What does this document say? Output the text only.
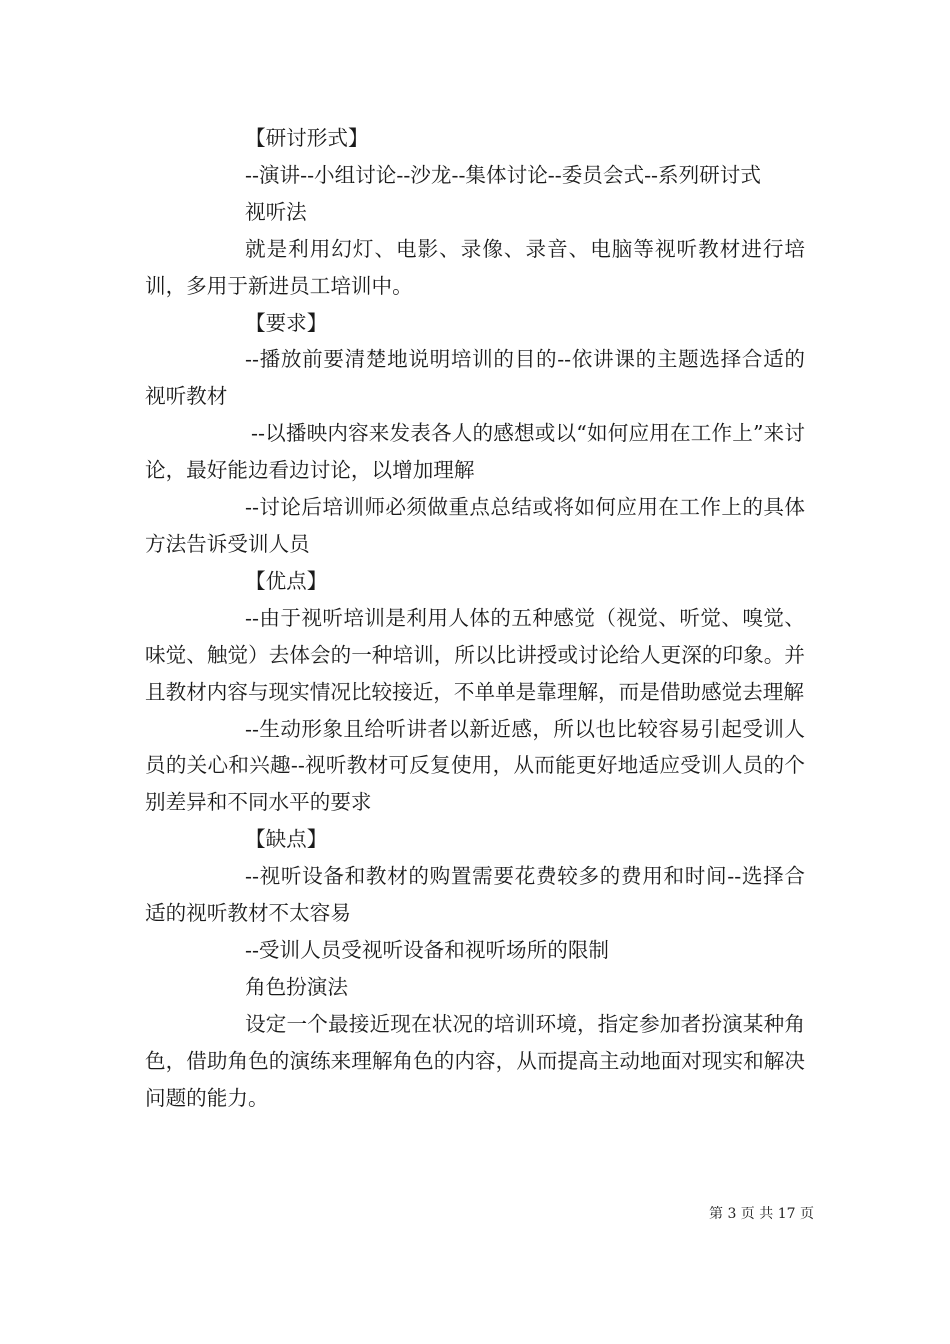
【研讨形式】

--演讲--小组讨论--沙龙--集体讨论--委员会式--系列研讨式

视听法

就是利用幻灯、电影、录像、录音、电脑等视听教材进行培训，多用于新进员工培训中。

【要求】

--播放前要清楚地说明培训的目的--依讲课的主题选择合适的视听教材

--以播映内容来发表各人的感想或以“如何应用在工作上”来讨论，最好能边看边讨论，以增加理解

--讨论后培训师必须做重点总结或将如何应用在工作上的具体方法告诉受训人员

【优点】

--由于视听培训是利用人体的五种感觉（视觉、听觉、嗅觉、味觉、触觉）去体会的一种培训，所以比讲授或讨论给人更深的印象。并且教材内容与现实情况比较接近，不单单是靠理解，而是借助感觉去理解

--生动形象且给听讲者以新近感，所以也比较容易引起受训人员的关心和兴趣--视听教材可反复使用，从而能更好地适应受训人员的个别差异和不同水平的要求

【缺点】

--视听设备和教材的购置需要花费较多的费用和时间--选择合适的视听教材不太容易

--受训人员受视听设备和视听场所的限制

角色扮演法

设定一个最接近现在状况的培训环境，指定参加者扮演某种角色，借助角色的演练来理解角色的内容，从而提高主动地面对现实和解决问题的能力。

第 3 页 共 17 页
